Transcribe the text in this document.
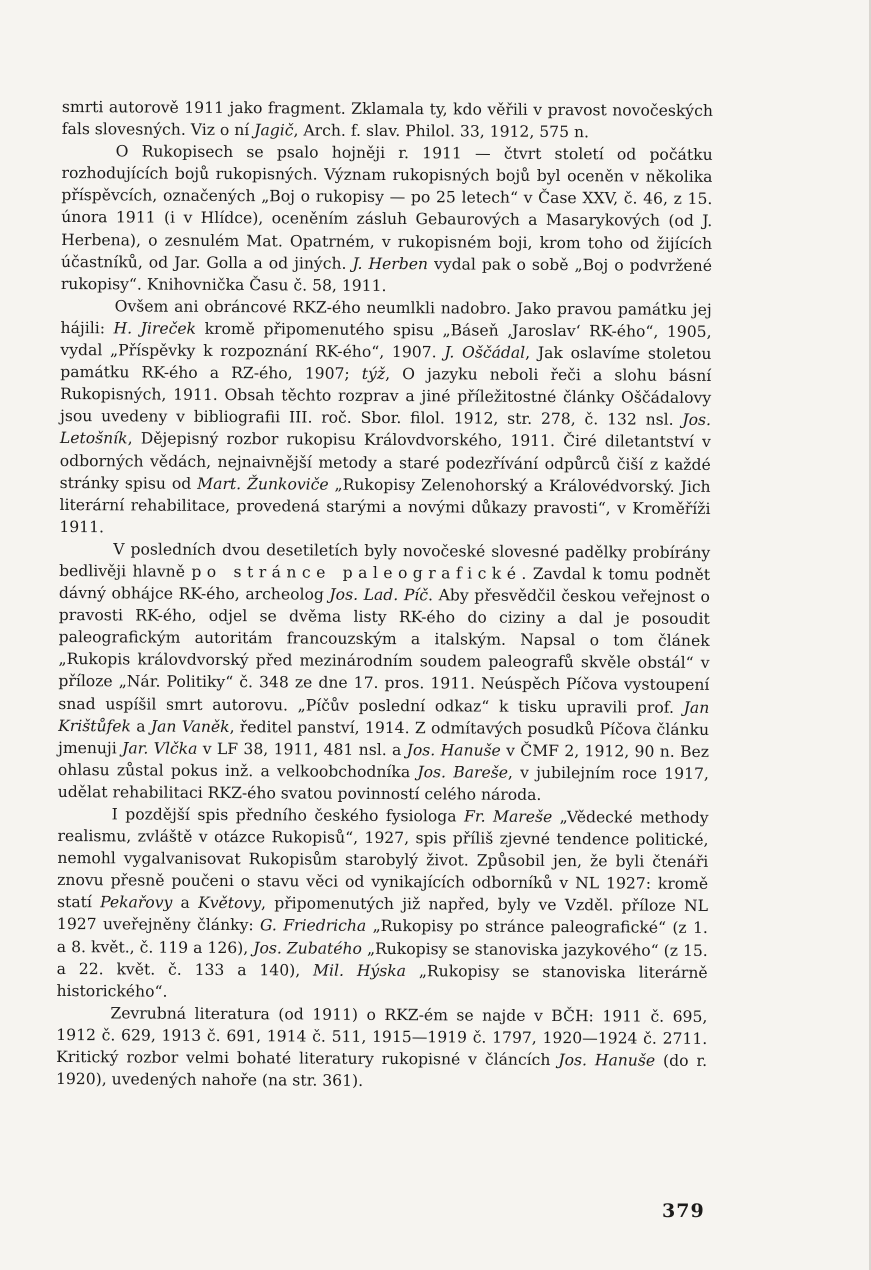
smrti autorově 1911 jako fragment. Zklamala ty, kdo věřili v pravost novočeských fals slovesných. Viz o ní Jagič, Arch. f. slav. Philol. 33, 1912, 575 n.

O Rukopisech se psalo hojněji r. 1911 — čtvrt století od počátku rozhodujících bojů rukopisných. Význam rukopisných bojů byl oceněn v několika příspěvcích, označených „Boj o rukopisy — po 25 letech“ v Čase XXV, č. 46, z 15. února 1911 (i v Hlídce), oceněním zásluh Gebaurových a Masarykových (od J. Herbena), o zesnulém Mat. Opatrném, v rukopisném boji, krom toho od žijících účastníků, od Jar. Golla a od jiných. J. Herben vydal pak o sobě „Boj o podvržené rukopisy“. Knihovnička Času č. 58, 1911.

Ovšem ani obráncové RKZ-ého neumlkli nadobro. Jako pravou památku jej hájili: H. Jireček kromě připomenutého spisu „Báseň ‚Jaroslav‘ RK-ého“, 1905, vydal „Příspěvky k rozpoznání RK-ého“, 1907. J. Oščádal, Jak oslavíme stoletou památku RK-ého a RZ-ého, 1907; týž, O jazyku neboli řeči a slohu básní Rukopisných, 1911. Obsah těchto rozprav a jiné příležitostné články Oščádalovy jsou uvedeny v bibliografii III. roč. Sbor. filol. 1912, str. 278, č. 132 nsl. Jos. Letošník, Dějepisný rozbor rukopisu Královdvorského, 1911. Čiré diletantství v odborných vědách, nejnaivnější metody a staré podezřívání odpůrců čiší z každé stránky spisu od Mart. Žunkoviče „Rukopisy Zelenohorský a Královédvorský. Jich literární rehabilitace, provedená starými a novými důkazy pravosti“, v Kroměříži 1911.

V posledních dvou desetiletích byly novočeské slovesné padělky probírány bedlivěji hlavně po stránce paleografické. Zavdal k tomu podnět dávný obhájce RK-ého, archeolog Jos. Lad. Píč. Aby přesvědčil českou veřejnost o pravosti RK-ého, odjel se dvěma listy RK-ého do ciziny a dal je posoudit paleografickým autoritám francouzským a italským. Napsal o tom článek „Rukopis královdvorský před mezinárodním soudem paleografů skvěle obstál“ v příloze „Nár. Politiky“ č. 348 ze dne 17. pros. 1911. Neúspěch Píčova vystoupení snad uspíšil smrt autorovu. „Píčův poslední odkaz“ k tisku upravili prof. Jan Krištůfek a Jan Vaněk, ředitel panství, 1914. Z odmítavých posudků Píčova článku jmenuji Jar. Vlčka v LF 38, 1911, 481 nsl. a Jos. Hanuše v ČMF 2, 1912, 90 n. Bez ohlasu zůstal pokus inž. a velkoobchodníka Jos. Bareše, v jubilejním roce 1917, udělat rehabilitaci RKZ-ého svatou povinností celého národa.

I pozdější spis předního českého fysiologa Fr. Mareše „Vědecké methody realismu, zvláště v otázce Rukopisů“, 1927, spis příliš zjevné tendence politické, nemohl vygalvanisovat Rukopisům starobylý život. Způsobil jen, že byli čtenáři znovu přesně poučeni o stavu věci od vynikajících odborníků v NL 1927: kromě statí Pekařovy a Květovy, připomenutých již napřed, byly ve Vzděl. příloze NL 1927 uveřejněny články: G. Friedricha „Rukopisy po stránce paleografické“ (z 1. a 8. květ., č. 119 a 126), Jos. Zubatého „Rukopisy se stanoviska jazykového“ (z 15. a 22. květ. č. 133 a 140), Mil. Hýska „Rukopisy se stanoviska literárně historického“.

Zevrubná literatura (od 1911) o RKZ-ém se najde v BČH: 1911 č. 695, 1912 č. 629, 1913 č. 691, 1914 č. 511, 1915—1919 č. 1797, 1920—1924 č. 2711. Kritický rozbor velmi bohaté literatury rukopisné v článcích Jos. Hanuše (do r. 1920), uvedených nahoře (na str. 361).

379
